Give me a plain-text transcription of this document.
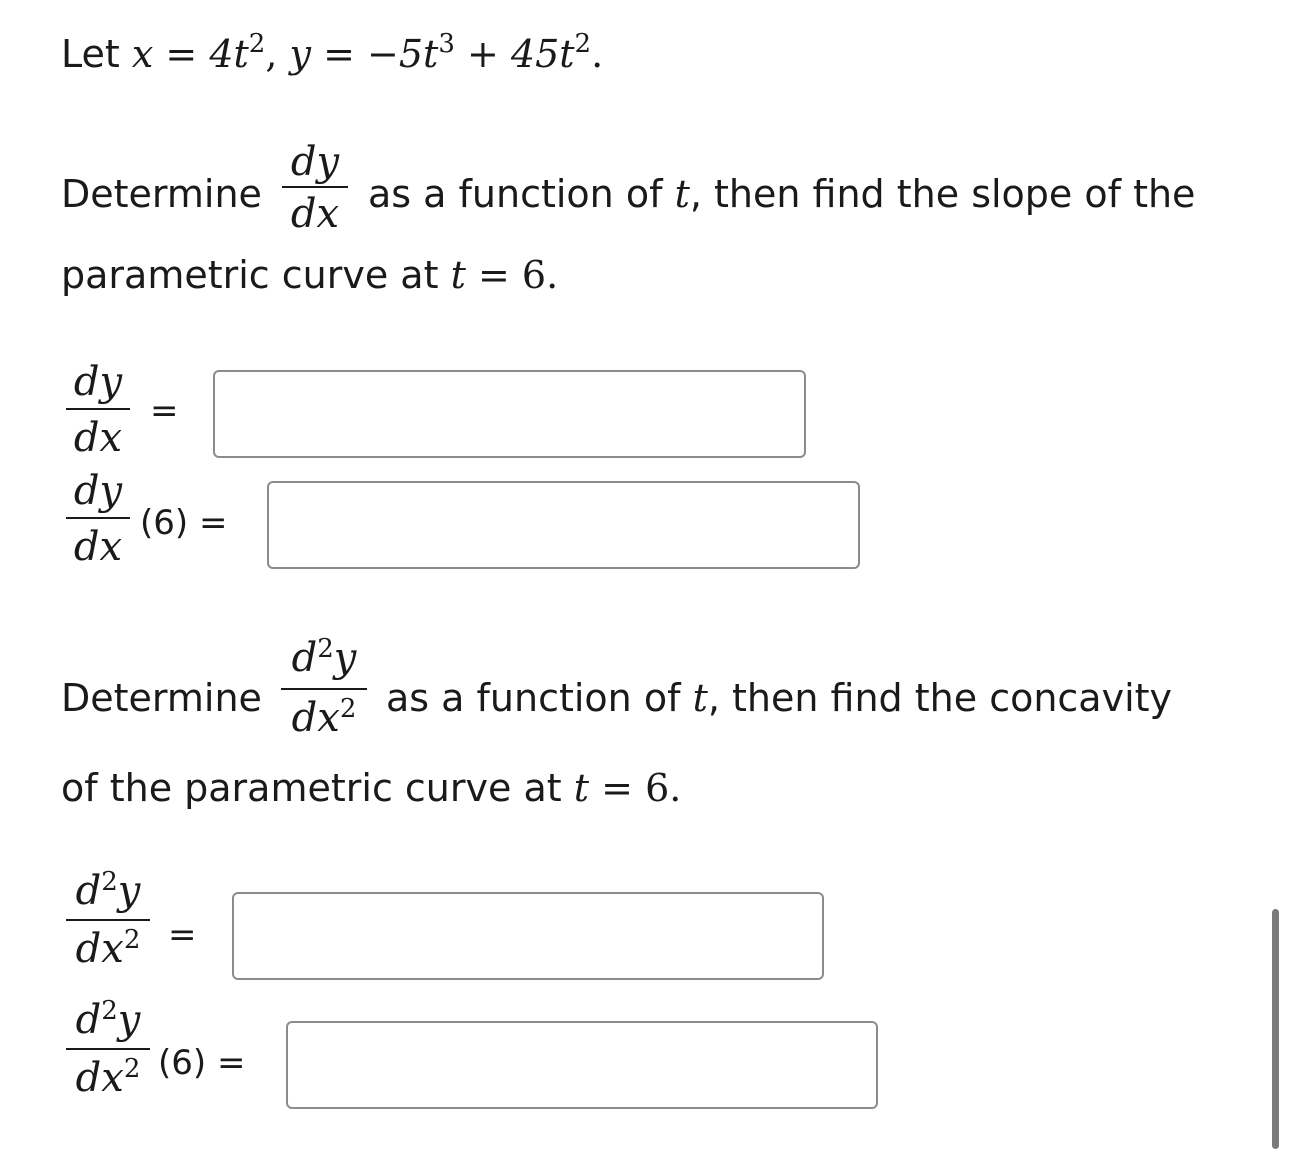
Let $x = 4t^2$, $y = -5t^3 + 45t^2$.
Determine
dy
dx as a function of t, then find the slope of the
parametric curve at t = 6.
dy
dx
=
dy
dx
(6) =
Determine
$d^2y$
$dx^2$ as a function of t, then find the concavity
of the parametric curve at t = 6.
$d^2y$
$dx^2$ =
$d^2y$
$dx^2$ (6) =
